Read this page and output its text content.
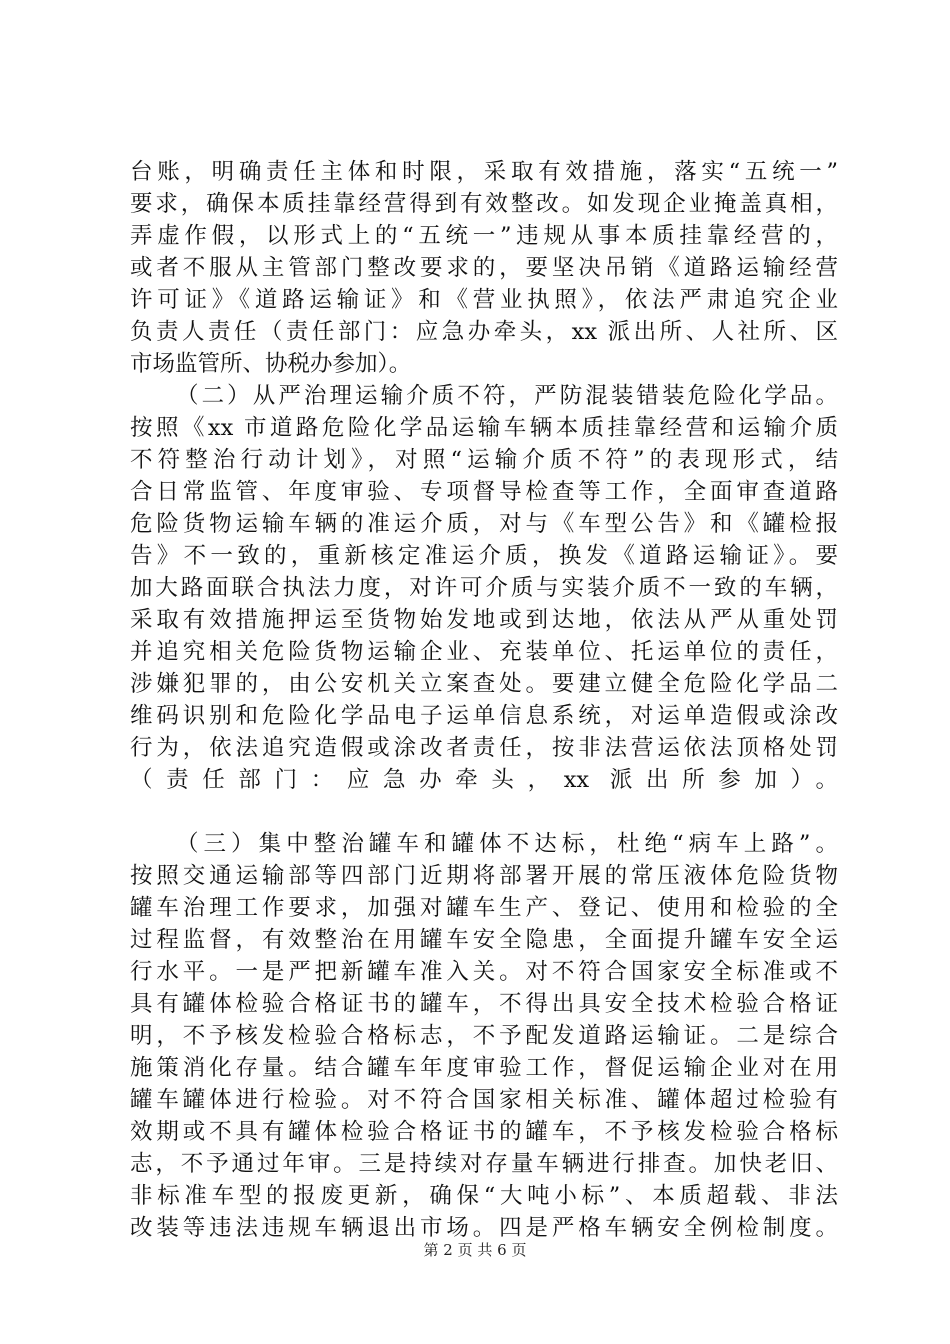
台账，明确责任主体和时限，采取有效措施，落实“五统一”
要求，确保本质挂靠经营得到有效整改。如发现企业掩盖真相，
弄虚作假，以形式上的“五统一”违规从事本质挂靠经营的，
或者不服从主管部门整改要求的，要坚决吊销《道路运输经营
许可证》《道路运输证》和《营业执照》，依法严肃追究企业
负责人责任（责任部门：应急办牵头，xx 派出所、人社所、区
市场监管所、协税办参加）。
（二）从严治理运输介质不符，严防混装错装危险化学品。
按照《xx 市道路危险化学品运输车辆本质挂靠经营和运输介质
不符整治行动计划》，对照“运输介质不符”的表现形式，结
合日常监管、年度审验、专项督导检查等工作，全面审查道路
危险货物运输车辆的准运介质，对与《车型公告》和《罐检报
告》不一致的，重新核定准运介质，换发《道路运输证》。要
加大路面联合执法力度，对许可介质与实装介质不一致的车辆，
采取有效措施押运至货物始发地或到达地，依法从严从重处罚
并追究相关危险货物运输企业、充装单位、托运单位的责任，
涉嫌犯罪的，由公安机关立案查处。要建立健全危险化学品二
维码识别和危险化学品电子运单信息系统，对运单造假或涂改
行为，依法追究造假或涂改者责任，按非法营运依法顶格处罚
（责任部门：应急办牵头，xx 派出所参加）。
（三）集中整治罐车和罐体不达标，杜绝“病车上路”。
按照交通运输部等四部门近期将部署开展的常压液体危险货物
罐车治理工作要求，加强对罐车生产、登记、使用和检验的全
过程监督，有效整治在用罐车安全隐患，全面提升罐车安全运
行水平。一是严把新罐车准入关。对不符合国家安全标准或不
具有罐体检验合格证书的罐车，不得出具安全技术检验合格证
明，不予核发检验合格标志，不予配发道路运输证。二是综合
施策消化存量。结合罐车年度审验工作，督促运输企业对在用
罐车罐体进行检验。对不符合国家相关标准、罐体超过检验有
效期或不具有罐体检验合格证书的罐车，不予核发检验合格标
志，不予通过年审。三是持续对存量车辆进行排查。加快老旧、
非标准车型的报废更新，确保“大吨小标”、本质超载、非法
改装等违法违规车辆退出市场。四是严格车辆安全例检制度。
第 2 页 共 6 页
